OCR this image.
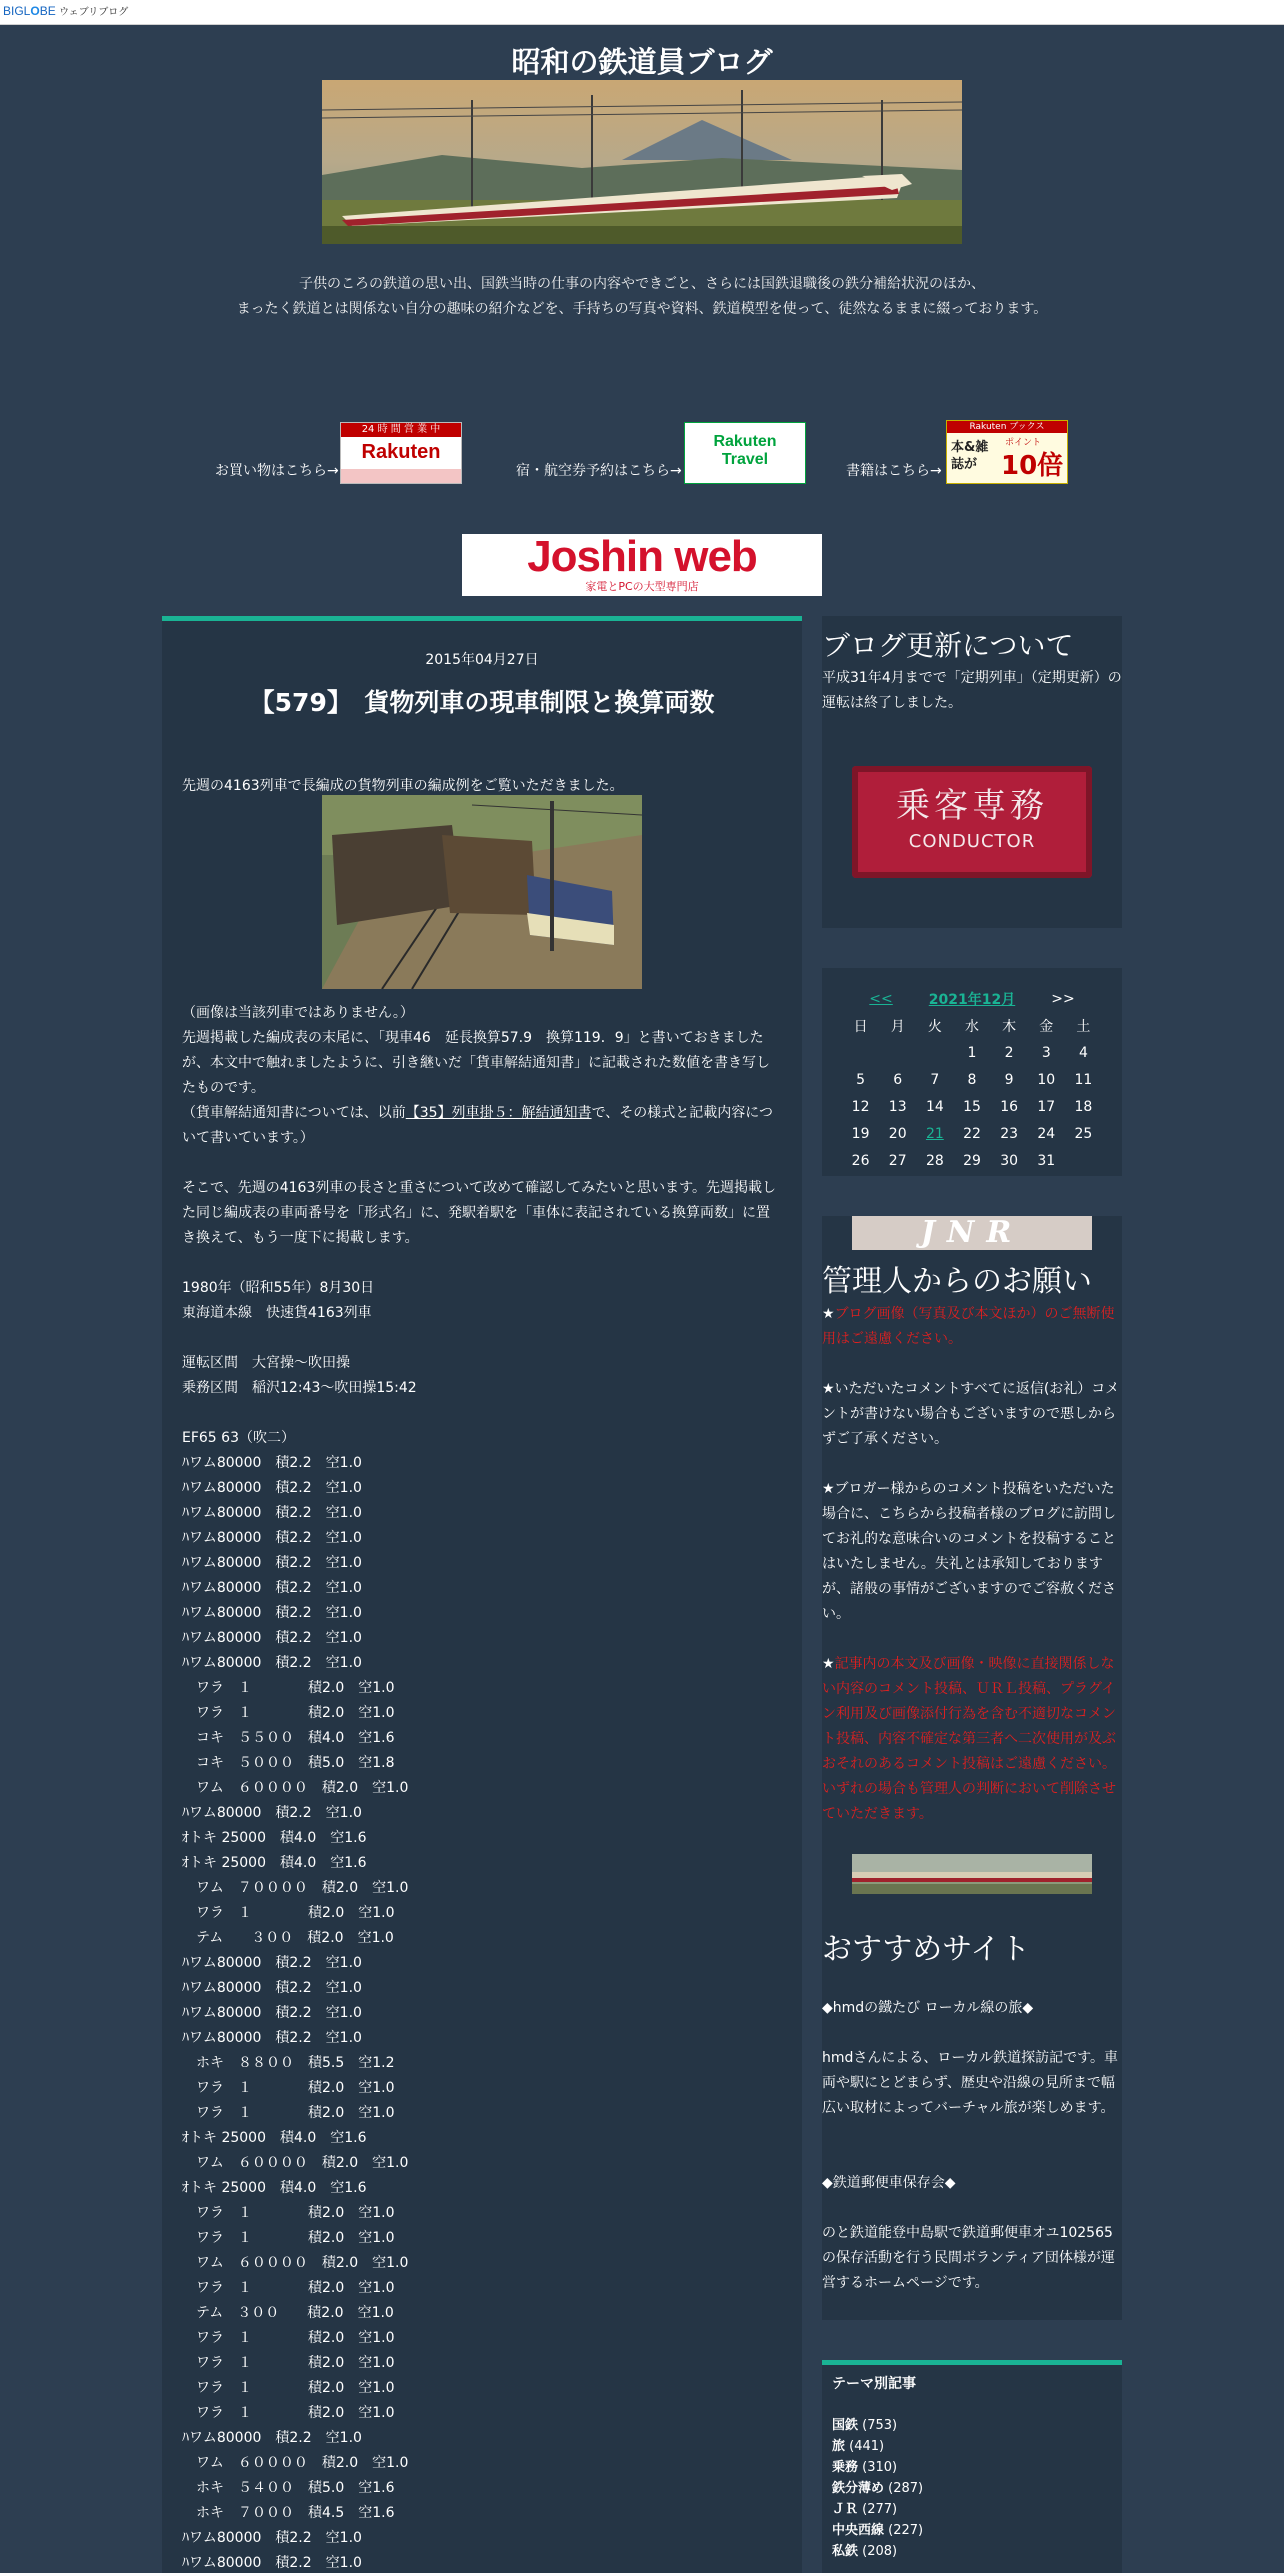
BIGLOBE ウェブリブログ
昭和の鉄道員ブログ
子供のころの鉄道の思い出、国鉄当時の仕事の内容やできごと、さらには国鉄退職後の鉄分補給状況のほか、
まったく鉄道とは関係ない自分の趣味の紹介などを、手持ちの写真や資料、鉄道模型を使って、徒然なるままに綴っております。
お買い物はこちら→
24 時 間 営 業 中
Rakuten
宿・航空券予約はこちら→
Rakuten
Travel
書籍はこちら→
Rakuten ブックス
本&雑誌が
ポイント
10倍
Joshin web
家電とPCの大型専門店
2015年04月27日
【579】　貨物列車の現車制限と換算両数
先週の4163列車で長編成の貨物列車の編成例をご覧いただきました。

（画像は当該列車ではありません。）

先週掲載した編成表の末尾に、「現車46　延長換算57.9　換算119．9」と書いておきましたが、本文中で触れましたように、引き継いだ「貨車解結通知書」に記載された数値を書き写したものです。

（貨車解結通知書については、以前【35】列車掛５：解結通知書で、その様式と記載内容について書いています。）

そこで、先週の4163列車の長さと重さについて改めて確認してみたいと思います。先週掲載した同じ編成表の車両番号を「形式名」に、発駅着駅を「車体に表記されている換算両数」に置き換えて、もう一度下に掲載します。

1980年（昭和55年）8月30日

東海道本線　快速貨4163列車

運転区間　大宮操～吹田操

乗務区間　稲沢12:43～吹田操15:42

EF65 63（吹二）

ﾊワム80000　積2.2　空1.0

ﾊワム80000　積2.2　空1.0

ﾊワム80000　積2.2　空1.0

ﾊワム80000　積2.2　空1.0

ﾊワム80000　積2.2　空1.0

ﾊワム80000　積2.2　空1.0

ﾊワム80000　積2.2　空1.0

ﾊワム80000　積2.2　空1.0

ﾊワム80000　積2.2　空1.0

　ワラ　１　　　　積2.0　空1.0

　ワラ　１　　　　積2.0　空1.0

　コキ　５５００　積4.0　空1.6

　コキ　５０００　積5.0　空1.8

　ワム　６００００　積2.0　空1.0

ﾊワム80000　積2.2　空1.0

ｵトキ 25000　積4.0　空1.6

ｵトキ 25000　積4.0　空1.6

　ワム　７００００　積2.0　空1.0

　ワラ　１　　　　積2.0　空1.0

　テム　　３００　積2.0　空1.0

ﾊワム80000　積2.2　空1.0

ﾊワム80000　積2.2　空1.0

ﾊワム80000　積2.2　空1.0

ﾊワム80000　積2.2　空1.0

　ホキ　８８００　積5.5　空1.2

　ワラ　１　　　　積2.0　空1.0

　ワラ　１　　　　積2.0　空1.0

ｵトキ 25000　積4.0　空1.6

　ワム　６００００　積2.0　空1.0

ｵトキ 25000　積4.0　空1.6

　ワラ　１　　　　積2.0　空1.0

　ワラ　１　　　　積2.0　空1.0

　ワム　６００００　積2.0　空1.0

　ワラ　１　　　　積2.0　空1.0

　テム　３００　　積2.0　空1.0

　ワラ　１　　　　積2.0　空1.0

　ワラ　１　　　　積2.0　空1.0

　ワラ　１　　　　積2.0　空1.0

　ワラ　１　　　　積2.0　空1.0

ﾊワム80000　積2.2　空1.0

　ワム　６００００　積2.0　空1.0

　ホキ　５４００　積5.0　空1.6

　ホキ　７０００　積4.5　空1.6

ﾊワム80000　積2.2　空1.0

ﾊワム80000　積2.2　空1.0

ブログ更新について

平成31年4月までで「定期列車」（定期更新）の運転は終了しました。

乗客専務
CONDUCTOR
<<	2021年12月	>>
日	月	火	水	木	金	土
			1	2	3	4
5	6	7	8	9	10	11
12	13	14	15	16	17	18
19	20	21	22	23	24	25
26	27	28	29	30	31	
JNR
管理人からのお願い

★ブログ画像（写真及び本文ほか）のご無断使用はご遠慮ください。

★いただいたコメントすべてに返信(お礼）コメントが書けない場合もございますので悪しからずご了承ください。

★ブロガー様からのコメント投稿をいただいた場合に、こちらから投稿者様のブログに訪問してお礼的な意味合いのコメントを投稿することはいたしません。失礼とは承知しておりますが、諸般の事情がございますのでご容赦ください。

★記事内の本文及び画像・映像に直接関係しない内容のコメント投稿、ＵＲＬ投稿、プラグイン利用及び画像添付行為を含む不適切なコメント投稿、内容不確定な第三者へ二次使用が及ぶおそれのあるコメント投稿はご遠慮ください。いずれの場合も管理人の判断において削除させていただきます。

おすすめサイト

◆hmdの鐵たび ローカル線の旅◆

hmdさんによる、ローカル鉄道探訪記です。車両や駅にとどまらず、歴史や沿線の見所まで幅広い取材によってバーチャル旅が楽しめます。

◆鉄道郵便車保存会◆

のと鉄道能登中島駅で鉄道郵便車オユ102565の保存活動を行う民間ボランティア団体様が運営するホームページです。

テーマ別記事
国鉄 (753)
旅 (441)
乗務 (310)
鉄分薄め (287)
ＪＲ (277)
中央西線 (227)
私鉄 (208)
